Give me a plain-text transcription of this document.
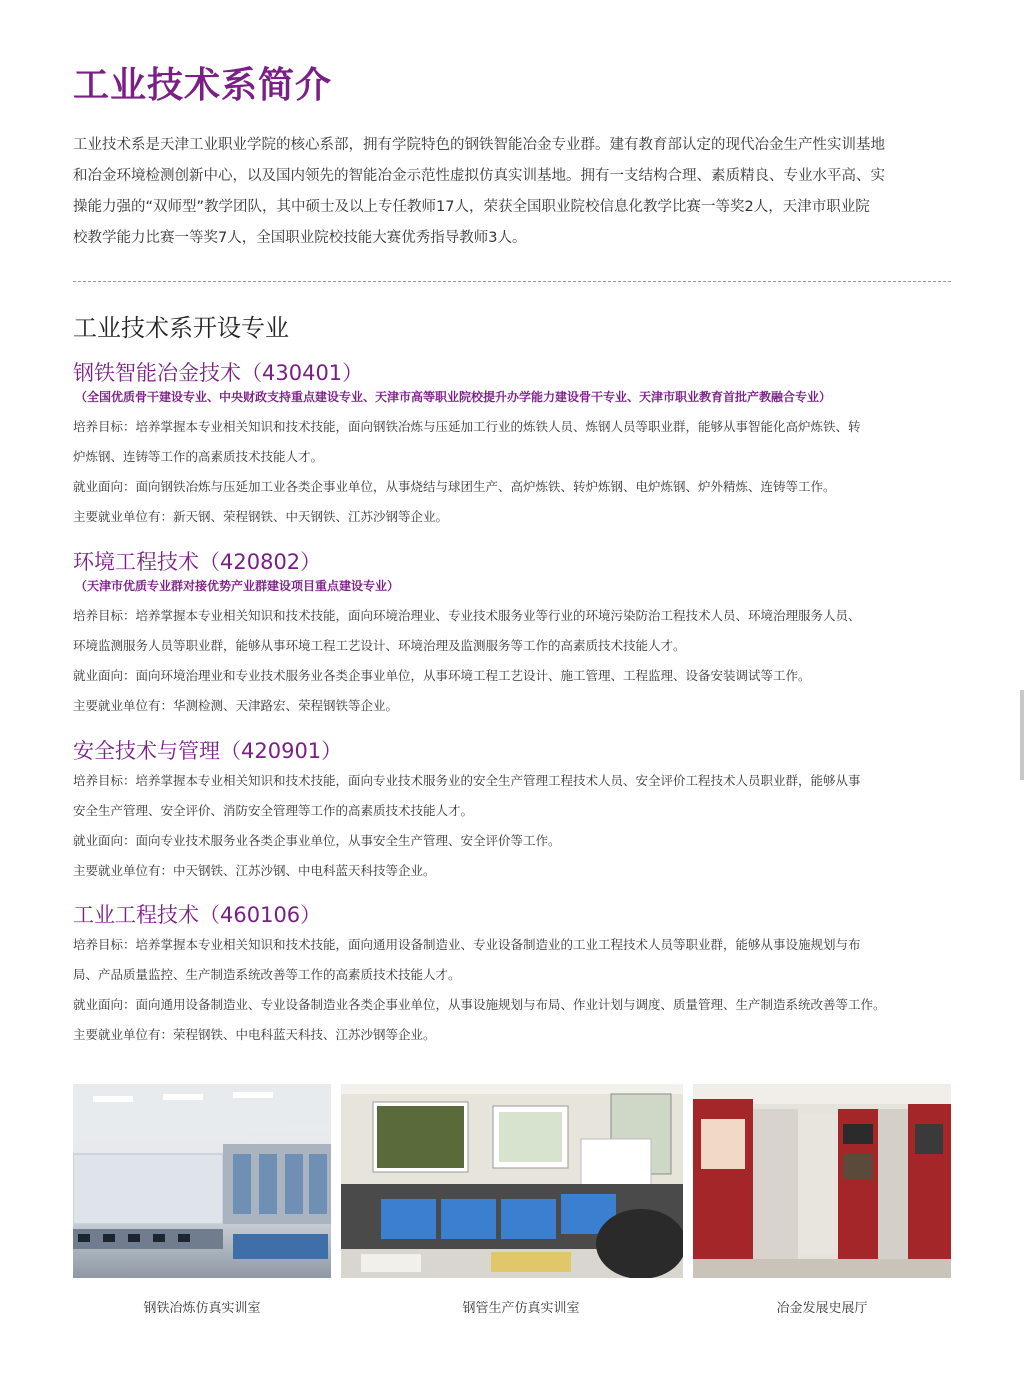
工业技术系简介
工业技术系是天津工业职业学院的核心系部，拥有学院特色的钢铁智能冶金专业群。建有教育部认定的现代冶金生产性实训基地
和冶金环境检测创新中心，以及国内领先的智能冶金示范性虚拟仿真实训基地。拥有一支结构合理、素质精良、专业水平高、实
操能力强的“双师型”教学团队，其中硕士及以上专任教师17人，荣获全国职业院校信息化教学比赛一等奖2人，天津市职业院
校教学能力比赛一等奖7人，全国职业院校技能大赛优秀指导教师3人。
工业技术系开设专业
钢铁智能冶金技术（430401）
（全国优质骨干建设专业、中央财政支持重点建设专业、天津市高等职业院校提升办学能力建设骨干专业、天津市职业教育首批产教融合专业）
培养目标：培养掌握本专业相关知识和技术技能，面向钢铁冶炼与压延加工行业的炼铁人员、炼钢人员等职业群，能够从事智能化高炉炼铁、转
炉炼钢、连铸等工作的高素质技术技能人才。
就业面向：面向钢铁冶炼与压延加工业各类企事业单位，从事烧结与球团生产、高炉炼铁、转炉炼钢、电炉炼钢、炉外精炼、连铸等工作。
主要就业单位有：新天钢、荣程钢铁、中天钢铁、江苏沙钢等企业。
环境工程技术（420802）
（天津市优质专业群对接优势产业群建设项目重点建设专业）
培养目标：培养掌握本专业相关知识和技术技能，面向环境治理业、专业技术服务业等行业的环境污染防治工程技术人员、环境治理服务人员、
环境监测服务人员等职业群，能够从事环境工程工艺设计、环境治理及监测服务等工作的高素质技术技能人才。
就业面向：面向环境治理业和专业技术服务业各类企事业单位，从事环境工程工艺设计、施工管理、工程监理、设备安装调试等工作。
主要就业单位有：华测检测、天津路宏、荣程钢铁等企业。
安全技术与管理（420901）
培养目标：培养掌握本专业相关知识和技术技能，面向专业技术服务业的安全生产管理工程技术人员、安全评价工程技术人员职业群，能够从事
安全生产管理、安全评价、消防安全管理等工作的高素质技术技能人才。
就业面向：面向专业技术服务业各类企事业单位，从事安全生产管理、安全评价等工作。
主要就业单位有：中天钢铁、江苏沙钢、中电科蓝天科技等企业。
工业工程技术（460106）
培养目标：培养掌握本专业相关知识和技术技能，面向通用设备制造业、专业设备制造业的工业工程技术人员等职业群，能够从事设施规划与布
局、产品质量监控、生产制造系统改善等工作的高素质技术技能人才。
就业面向：面向通用设备制造业、专业设备制造业各类企事业单位，从事设施规划与布局、作业计划与调度、质量管理、生产制造系统改善等工作。
主要就业单位有：荣程钢铁、中电科蓝天科技、江苏沙钢等企业。
钢铁冶炼仿真实训室	钢管生产仿真实训室	冶金发展史展厅
